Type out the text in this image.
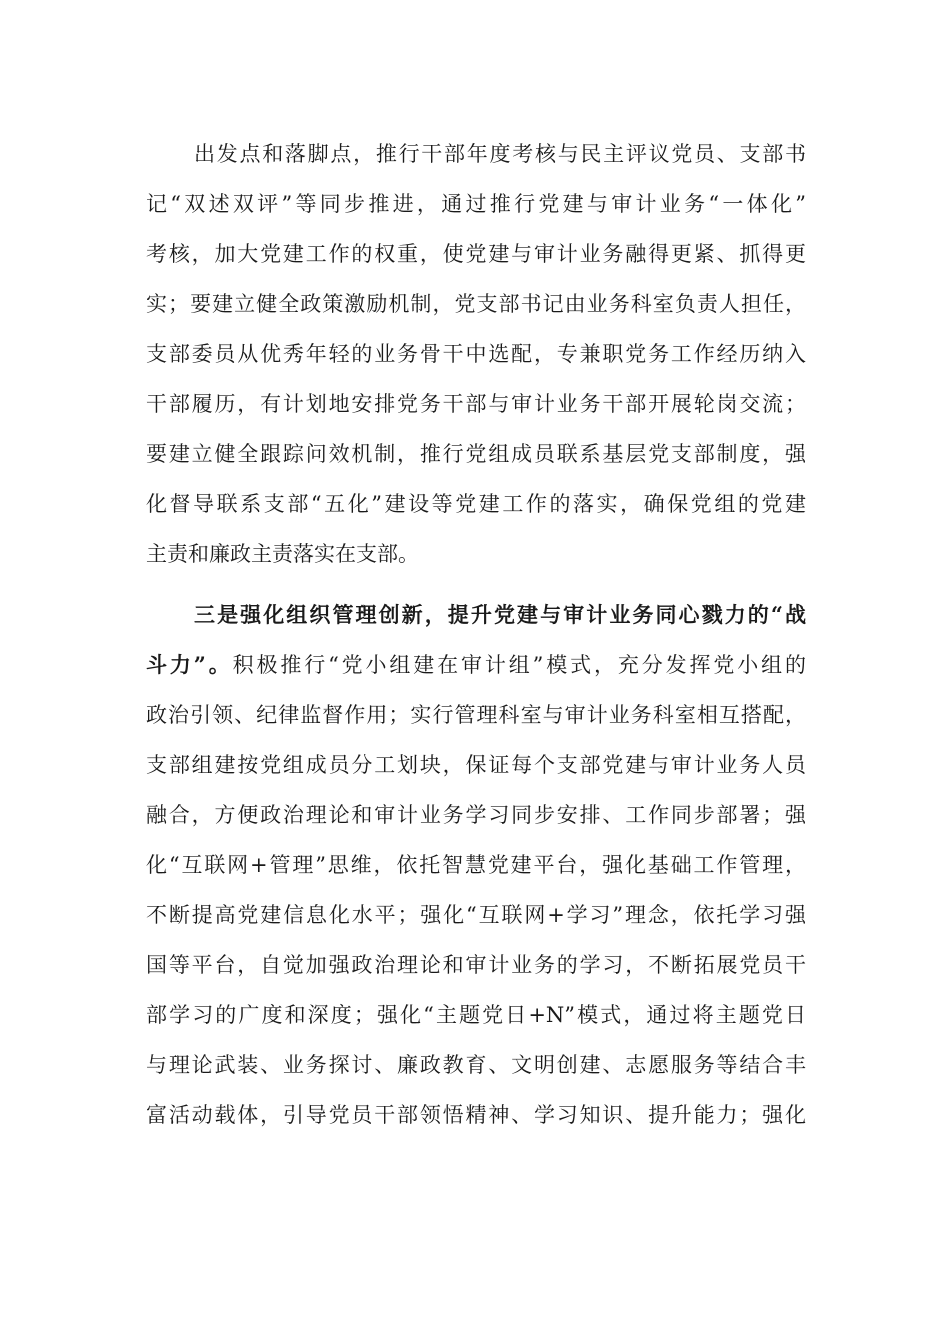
出发点和落脚点，推行干部年度考核与民主评议党员、支部书
记“双述双评”等同步推进，通过推行党建与审计业务“一体化”
考核，加大党建工作的权重，使党建与审计业务融得更紧、抓得更
实；要建立健全政策激励机制，党支部书记由业务科室负责人担任，
支部委员从优秀年轻的业务骨干中选配，专兼职党务工作经历纳入
干部履历，有计划地安排党务干部与审计业务干部开展轮岗交流；
要建立健全跟踪问效机制，推行党组成员联系基层党支部制度，强
化督导联系支部“五化”建设等党建工作的落实，确保党组的党建
主责和廉政主责落实在支部。
三是强化组织管理创新，提升党建与审计业务同心戮力的“战
斗力”。积极推行“党小组建在审计组”模式，充分发挥党小组的
政治引领、纪律监督作用；实行管理科室与审计业务科室相互搭配，
支部组建按党组成员分工划块，保证每个支部党建与审计业务人员
融合，方便政治理论和审计业务学习同步安排、工作同步部署；强
化“互联网+管理”思维，依托智慧党建平台，强化基础工作管理，
不断提高党建信息化水平；强化“互联网+学习”理念，依托学习强
国等平台，自觉加强政治理论和审计业务的学习，不断拓展党员干
部学习的广度和深度；强化“主题党日+N”模式，通过将主题党日
与理论武装、业务探讨、廉政教育、文明创建、志愿服务等结合丰
富活动载体，引导党员干部领悟精神、学习知识、提升能力；强化
